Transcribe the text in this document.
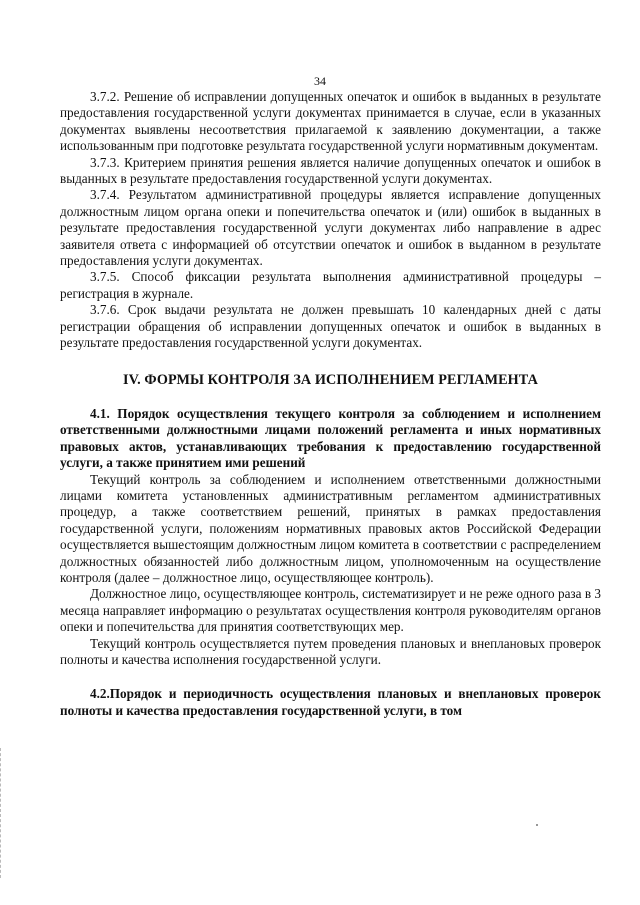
34

3.7.2. Решение об исправлении допущенных опечаток и ошибок в выданных в результате предоставления государственной услуги документах принимается в случае, если в указанных документах выявлены несоответствия прилагаемой к заявлению документации, а также использованным при подготовке результата государственной услуги нормативным документам.

3.7.3. Критерием принятия решения является наличие допущенных опечаток и ошибок в выданных в результате предоставления государственной услуги документах.

3.7.4. Результатом административной процедуры является исправление допущенных должностным лицом органа опеки и попечительства опечаток и (или) ошибок в выданных в результате предоставления государственной услуги документах либо направление в адрес заявителя ответа с информацией об отсутствии опечаток и ошибок в выданном в результате предоставления услуги документах.

3.7.5. Способ фиксации результата выполнения административной процедуры – регистрация в журнале.

3.7.6. Срок выдачи результата не должен превышать 10 календарных дней с даты регистрации обращения об исправлении допущенных опечаток и ошибок в выданных в результате предоставления государственной услуги документах.

IV. ФОРМЫ КОНТРОЛЯ ЗА ИСПОЛНЕНИЕМ РЕГЛАМЕНТА

4.1. Порядок осуществления текущего контроля за соблюдением и исполнением ответственными должностными лицами положений регламента и иных нормативных правовых актов, устанавливающих требования к предоставлению государственной услуги, а также принятием ими решений

Текущий контроль за соблюдением и исполнением ответственными должностными лицами комитета установленных административным регламентом административных процедур, а также соответствием решений, принятых в рамках предоставления государственной услуги, положениям нормативных правовых актов Российской Федерации осуществляется вышестоящим должностным лицом комитета в соответствии с распределением должностных обязанностей либо должностным лицом, уполномоченным на осуществление контроля (далее – должностное лицо, осуществляющее контроль).

Должностное лицо, осуществляющее контроль, систематизирует и не реже одного раза в 3 месяца направляет информацию о результатах осуществления контроля руководителям органов опеки и попечительства для принятия соответствующих мер.

Текущий контроль осуществляется путем проведения плановых и внеплановых проверок полноты и качества исполнения государственной услуги.

4.2.Порядок и периодичность осуществления плановых и внеплановых проверок полноты и качества предоставления государственной услуги, в том
